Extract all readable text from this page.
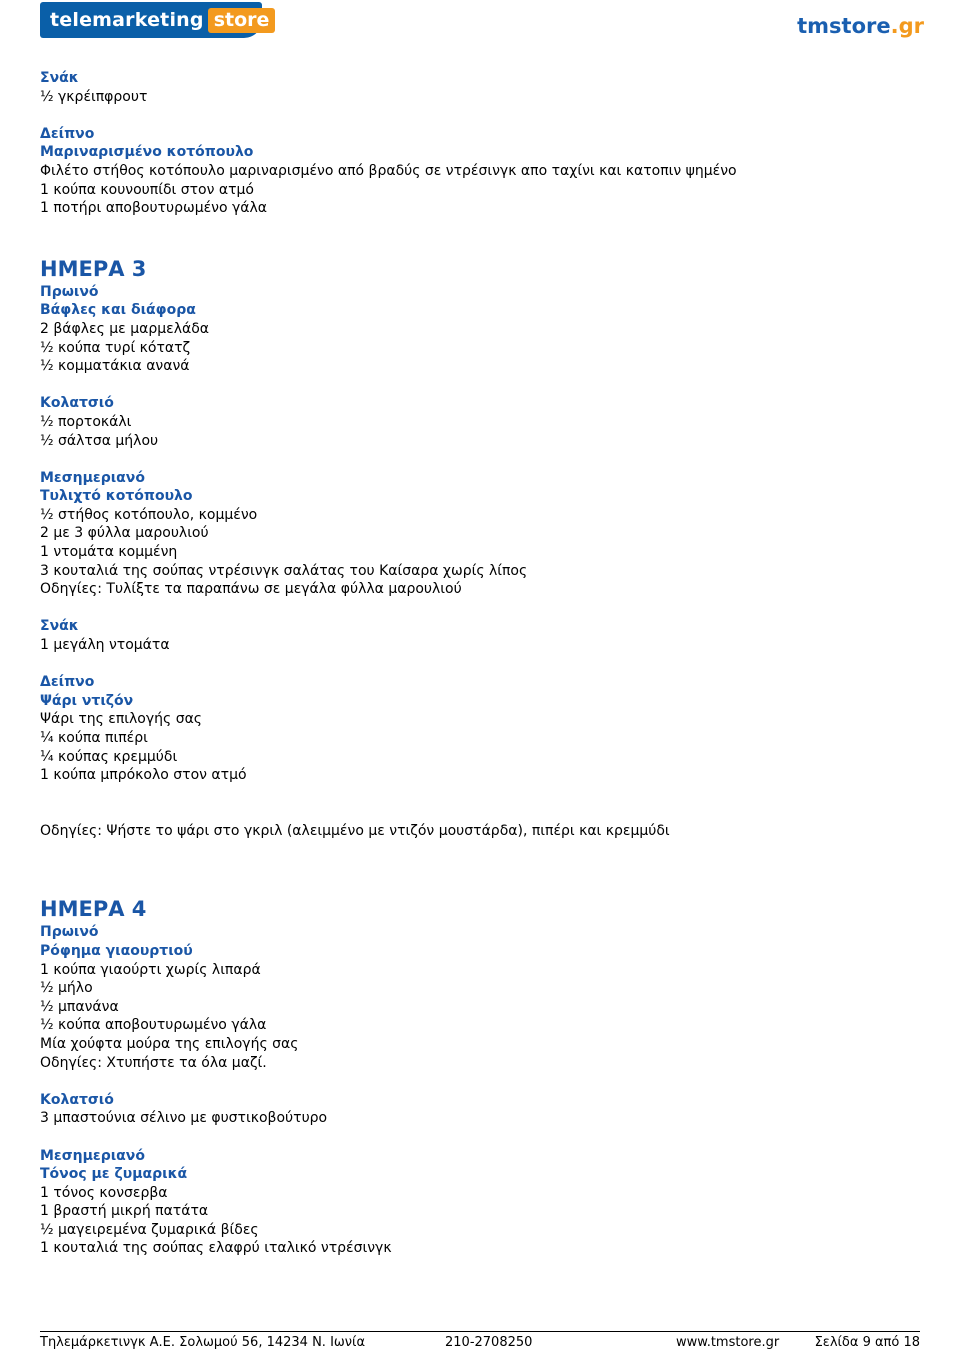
telemarketing store	®
tmstore.gr
Σνάκ
½ γκρέιπφρουτ
Δείπνο
Μαριναρισμένο κοτόπουλο
Φιλέτο στήθος κοτόπουλο μαριναρισμένο από βραδύς σε ντρέσινγκ απο ταχίνι και κατοπιν ψημένο
1 κούπα κουνουπίδι στον ατμό
1 ποτήρι αποβουτυρωμένο γάλα
ΗΜΕΡΑ 3
Πρωινό
Βάφλες και διάφορα
2 βάφλες με μαρμελάδα
½ κούπα τυρί κότατζ
½ κομματάκια ανανά
Κολατσιό
½ πορτοκάλι
½ σάλτσα μήλου
Μεσημεριανό
Τυλιχτό κοτόπουλο
½ στήθος κοτόπουλο, κομμένο
2 με 3 φύλλα μαρουλιού
1 ντομάτα κομμένη
3 κουταλιά της σούπας ντρέσινγκ σαλάτας του Καίσαρα χωρίς λίπος
Οδηγίες: Τυλίξτε τα παραπάνω σε μεγάλα φύλλα μαρουλιού
Σνάκ
1 μεγάλη ντομάτα
Δείπνο
Ψάρι ντιζόν
Ψάρι της επιλογής σας
¼ κούπα πιπέρι
¼ κούπας κρεμμύδι
1 κούπα μπρόκολο στον ατμό
Οδηγίες: Ψήστε το ψάρι στο γκριλ (αλειμμένο με ντιζόν μουστάρδα), πιπέρι και κρεμμύδι
ΗΜΕΡΑ 4
Πρωινό
Ρόφημα γιαουρτιού
1 κούπα γιαούρτι χωρίς λιπαρά
½ μήλο
½ μπανάνα
½ κούπα αποβουτυρωμένο γάλα
Μία χούφτα μούρα της επιλογής σας
Οδηγίες: Χτυπήστε τα όλα μαζί.
Κολατσιό
3 μπαστούνια σέλινο με φυστικοβούτυρο
Μεσημεριανό
Τόνος με ζυμαρικά
1 τόνος κονσερβα
1 βραστή μικρή πατάτα
½ μαγειρεμένα ζυμαρικά βίδες
1 κουταλιά της σούπας ελαφρύ ιταλικό ντρέσινγκ
Τηλεμάρκετινγκ Α.Ε. Σολωμού 56, 14234 Ν. Ιωνία	210-2708250	www.tmstore.gr	Σελίδα 9 από 18
